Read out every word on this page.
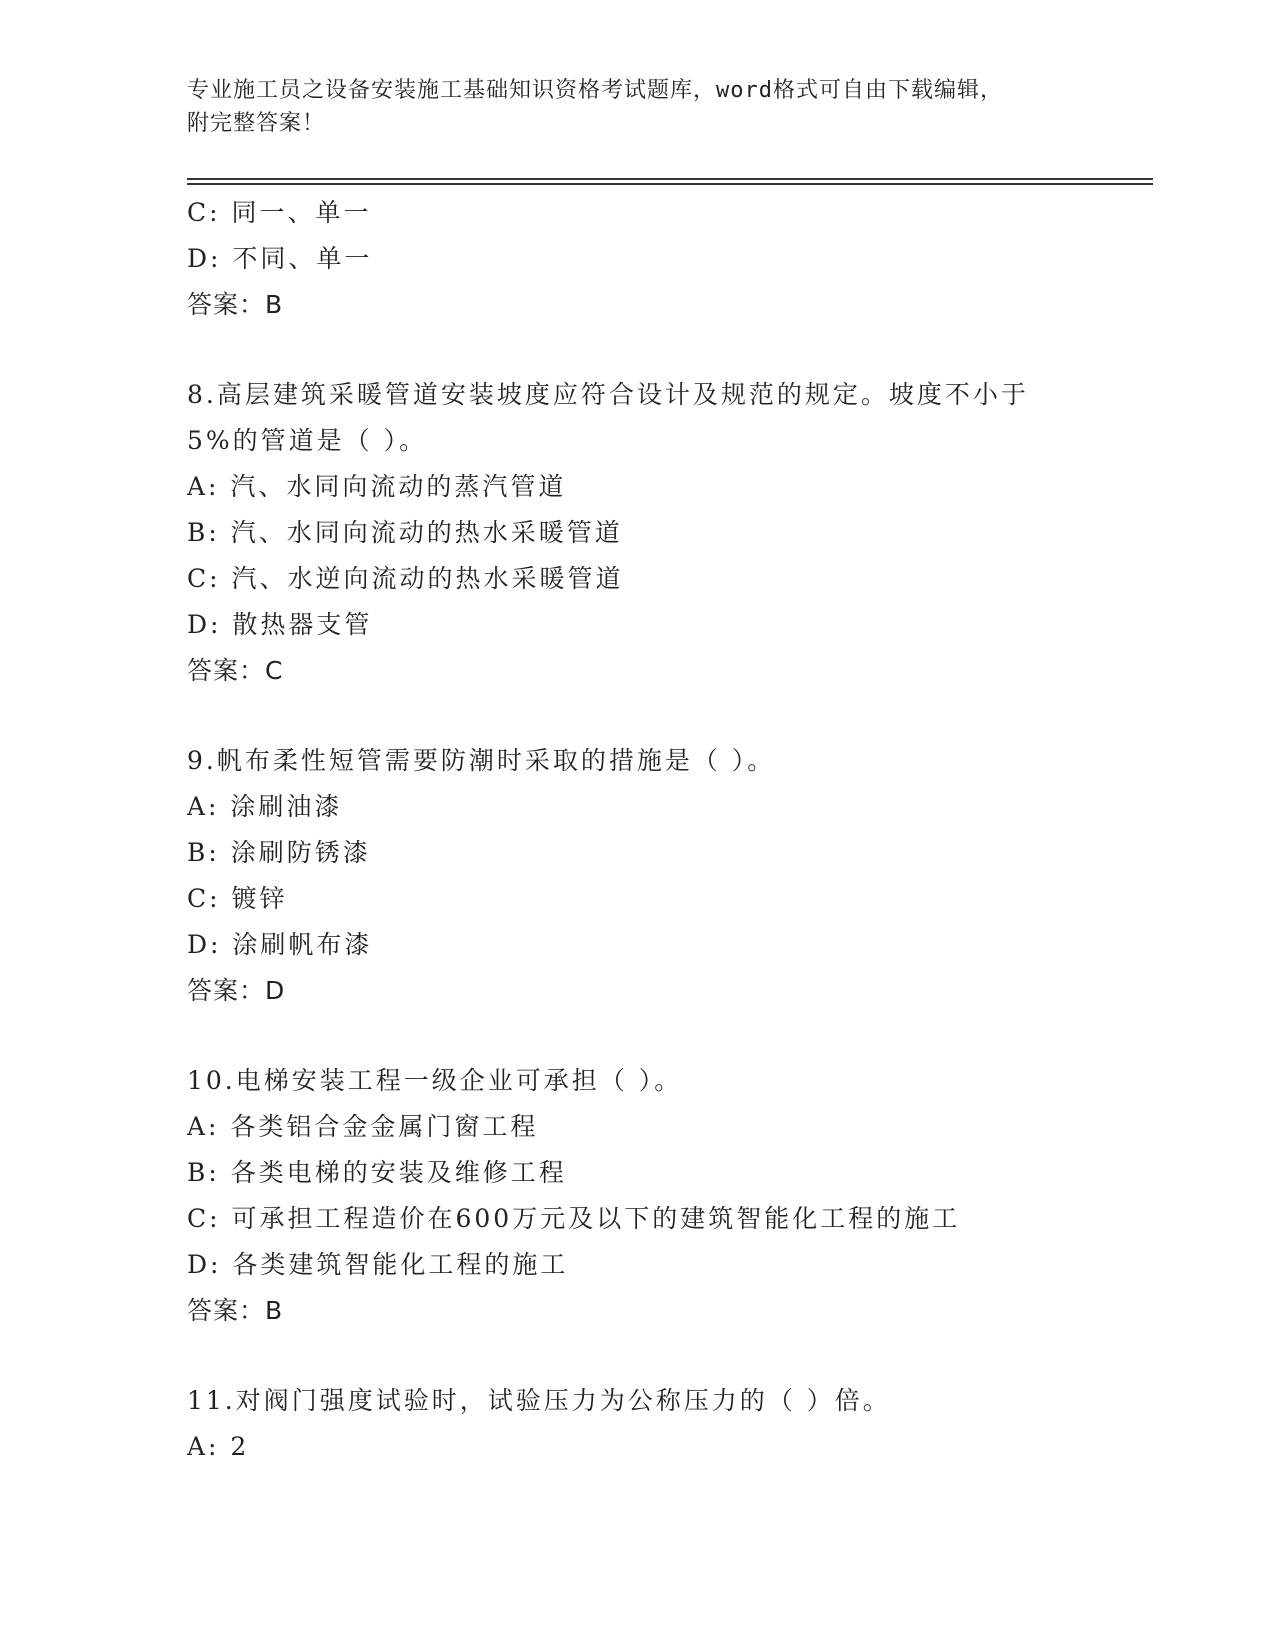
专业施工员之设备安装施工基础知识资格考试题库，word格式可自由下载编辑，
附完整答案！
C: 同一、单一
D: 不同、单一
答案：B
8.高层建筑采暖管道安装坡度应符合设计及规范的规定。坡度不小于
5%的管道是（ ）。
A: 汽、水同向流动的蒸汽管道
B: 汽、水同向流动的热水采暖管道
C: 汽、水逆向流动的热水采暖管道
D: 散热器支管
答案：C
9.帆布柔性短管需要防潮时采取的措施是（ ）。
A: 涂刷油漆
B: 涂刷防锈漆
C: 镀锌
D: 涂刷帆布漆
答案：D
10.电梯安装工程一级企业可承担（ ）。
A: 各类铝合金金属门窗工程
B: 各类电梯的安装及维修工程
C: 可承担工程造价在600万元及以下的建筑智能化工程的施工
D: 各类建筑智能化工程的施工
答案：B
11.对阀门强度试验时，试验压力为公称压力的（ ）倍。
A: 2
